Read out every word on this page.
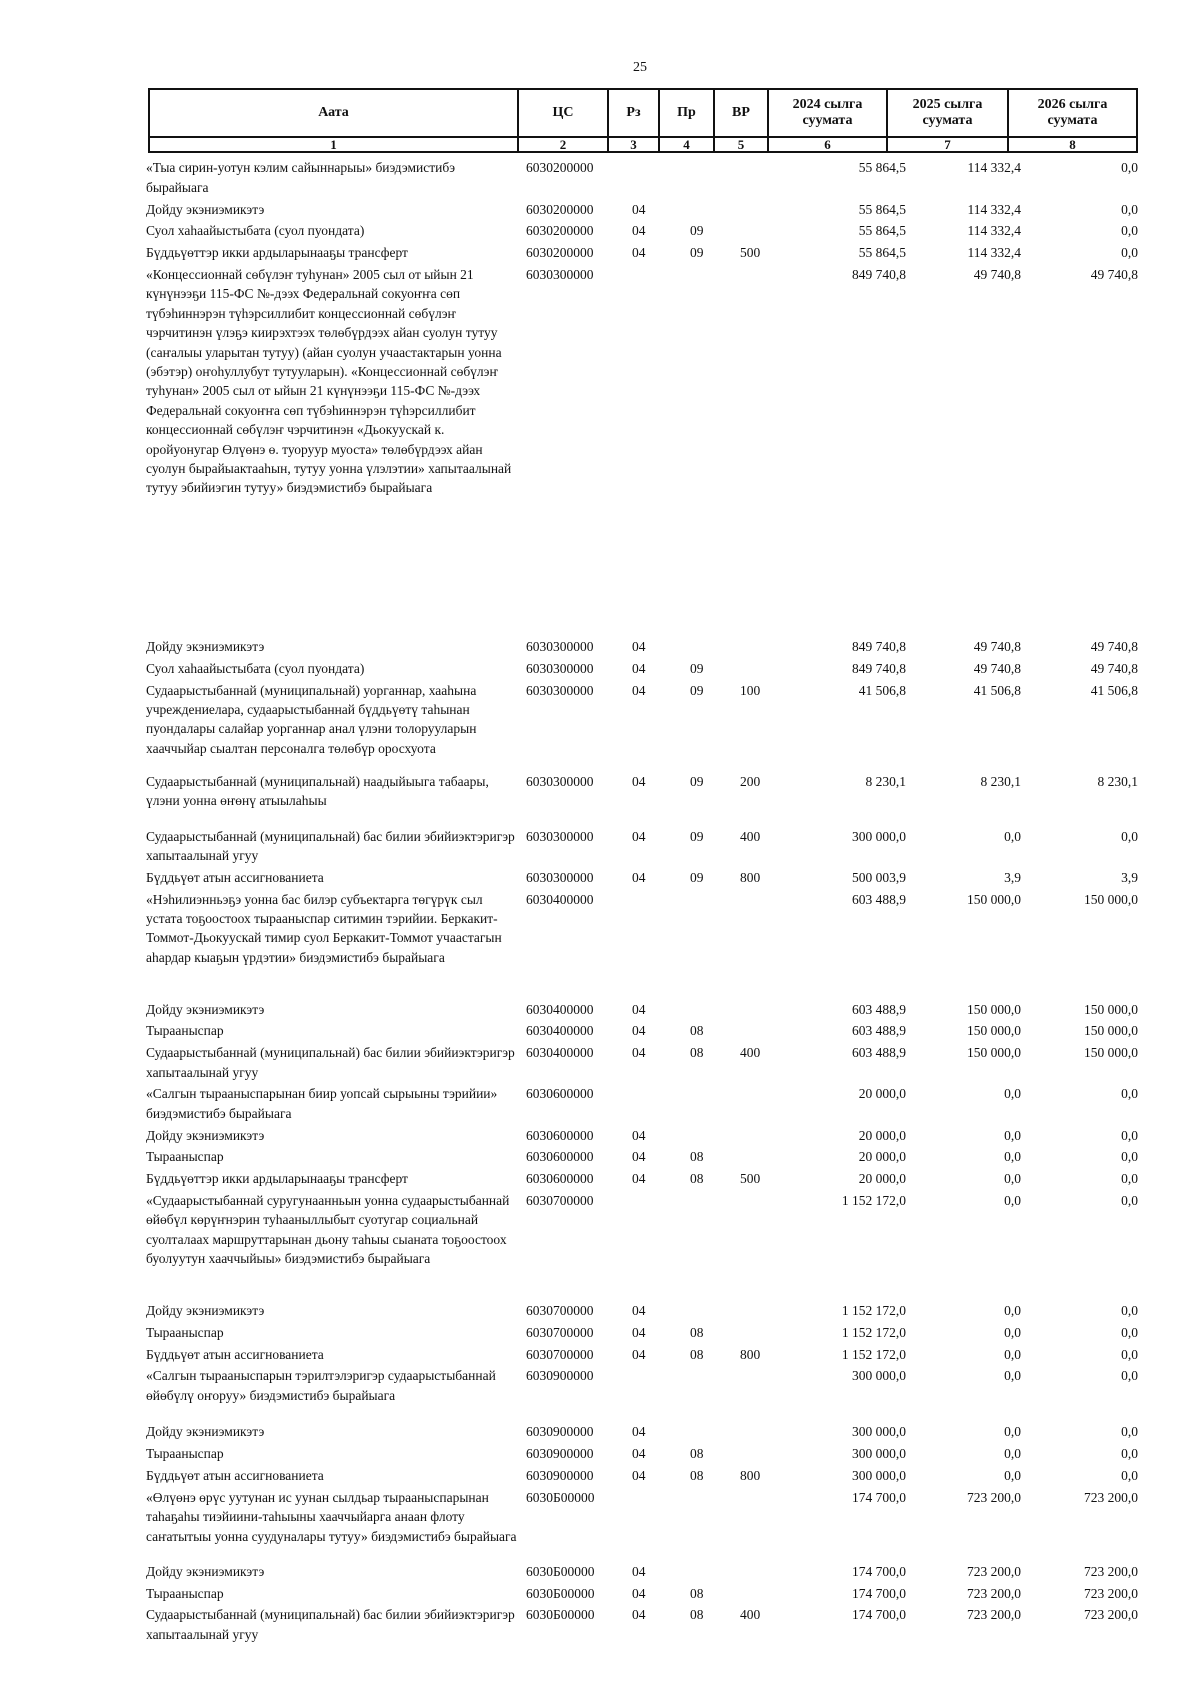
25
Аата	ЦС	Рз	Пр	ВР	2024 сылга суумата	2025 сылга суумата	2026 сылга суумата
1	2	3	4	5	6	7	8
«Тыа сирин-уотун кэлим сайыннарыы» биэдэмистибэ бырайыага	6030200000				55 864,5	114 332,4	0,0
Дойду экэниэмикэтэ	6030200000	04			55 864,5	114 332,4	0,0
Суол хаһаайыстыбата (суол пуондата)	6030200000	04	09		55 864,5	114 332,4	0,0
Бүддьүөттэр икки ардыларынааҕы трансферт	6030200000	04	09	500	55 864,5	114 332,4	0,0
«Концессионнай сөбүлэҥ туһунан» 2005 сыл от ыйын 21 күнүнээҕи 115-ФС №-дээх Федеральнай сокуоҥҥа сөп түбэһиннэрэн түһэрсиллибит концессионнай сөбүлэҥ чэрчитинэн үлэҕэ киирэхтээх төлөбүрдээх айан суолун тутуу (саҥалыы уларытан тутуу) (айан суолун учаастактарын уонна (эбэтэр) оҥоһуллубут тутууларын). «Концессионнай сөбүлэҥ туһунан» 2005 сыл от ыйын 21 күнүнээҕи 115-ФС №-дээх Федеральнай сокуоҥҥа сөп түбэһиннэрэн түһэрсиллибит концессионнай сөбүлэҥ чэрчитинэн «Дьокуускай к. оройуонугар Өлүөнэ ө. туоруур муоста» төлөбүрдээх айан суолун бырайыактааһын, тутуу уонна үлэлэтии» хапытаалынай тутуу эбийиэгин тутуу» биэдэмистибэ бырайыага	6030300000				849 740,8	49 740,8	49 740,8
Дойду экэниэмикэтэ	6030300000	04			849 740,8	49 740,8	49 740,8
Суол хаһаайыстыбата (суол пуондата)	6030300000	04	09		849 740,8	49 740,8	49 740,8
Судаарыстыбаннай (муниципальнай) уорганнар, хааһына учреждениелара, судаарыстыбаннай бүддьүөтү таһынан пуондалары салайар уорганнар анал үлэни толорууларын хааччыйар сыалтан персоналга төлөбүр оросхуота	6030300000	04	09	100	41 506,8	41 506,8	41 506,8
Судаарыстыбаннай (муниципальнай) наадыйыыга табаары, үлэни уонна өҥөнү атыылаһыы	6030300000	04	09	200	8 230,1	8 230,1	8 230,1
Судаарыстыбаннай (муниципальнай) бас билии эбийиэктэригэр хапытаалынай угуу	6030300000	04	09	400	300 000,0	0,0	0,0
Бүддьүөт атын ассигнованиета	6030300000	04	09	800	500 003,9	3,9	3,9
«Нэһилиэнньэҕэ уонна бас билэр субъектарга төгүрүк сыл устата тоҕоостоох тырааныспар ситимин тэрийии. Беркакит-Томмот-Дьокуускай тимир суол Беркакит-Томмот учаастагын аһардар кыаҕын үрдэтии» биэдэмистибэ бырайыага	6030400000				603 488,9	150 000,0	150 000,0
Дойду экэниэмикэтэ	6030400000	04			603 488,9	150 000,0	150 000,0
Тырааныспар	6030400000	04	08		603 488,9	150 000,0	150 000,0
Судаарыстыбаннай (муниципальнай) бас билии эбийиэктэригэр хапытаалынай угуу	6030400000	04	08	400	603 488,9	150 000,0	150 000,0
«Салгын тырааныспарынан биир уопсай сырыыны тэрийии» биэдэмистибэ бырайыага	6030600000				20 000,0	0,0	0,0
Дойду экэниэмикэтэ	6030600000	04			20 000,0	0,0	0,0
Тырааныспар	6030600000	04	08		20 000,0	0,0	0,0
Бүддьүөттэр икки ардыларынааҕы трансферт	6030600000	04	08	500	20 000,0	0,0	0,0
«Судаарыстыбаннай суругунаанньын уонна судаарыстыбаннай өйөбүл көрүҥнэрин туһааныллыбыт суотугар социальнай суолталаах маршруттарынан дьону таһыы сыанатa тоҕоостоох буолуутун хааччыйыы» биэдэмистибэ бырайыага	6030700000				1 152 172,0	0,0	0,0
Дойду экэниэмикэтэ	6030700000	04			1 152 172,0	0,0	0,0
Тырааныспар	6030700000	04	08		1 152 172,0	0,0	0,0
Бүддьүөт атын ассигнованиета	6030700000	04	08	800	1 152 172,0	0,0	0,0
«Салгын тырааныспарын тэрилтэлэригэр судаарыстыбаннай өйөбүлү оҥоруу» биэдэмистибэ бырайыага	6030900000				300 000,0	0,0	0,0
Дойду экэниэмикэтэ	6030900000	04			300 000,0	0,0	0,0
Тырааныспар	6030900000	04	08		300 000,0	0,0	0,0
Бүддьүөт атын ассигнованиета	6030900000	04	08	800	300 000,0	0,0	0,0
«Өлүөнэ өрүс уутунан ис уунан сылдьар тырааныспарынан таһаҕаһы тиэйиини-таһыыны хааччыйарга анаан флоту саҥатытыы уонна суудуналары тутуу» биэдэмистибэ бырайыага	6030Б00000				174 700,0	723 200,0	723 200,0
Дойду экэниэмикэтэ	6030Б00000	04			174 700,0	723 200,0	723 200,0
Тырааныспар	6030Б00000	04	08		174 700,0	723 200,0	723 200,0
Судаарыстыбаннай (муниципальнай) бас билии эбийиэктэригэр хапытаалынай угуу	6030Б00000	04	08	400	174 700,0	723 200,0	723 200,0
